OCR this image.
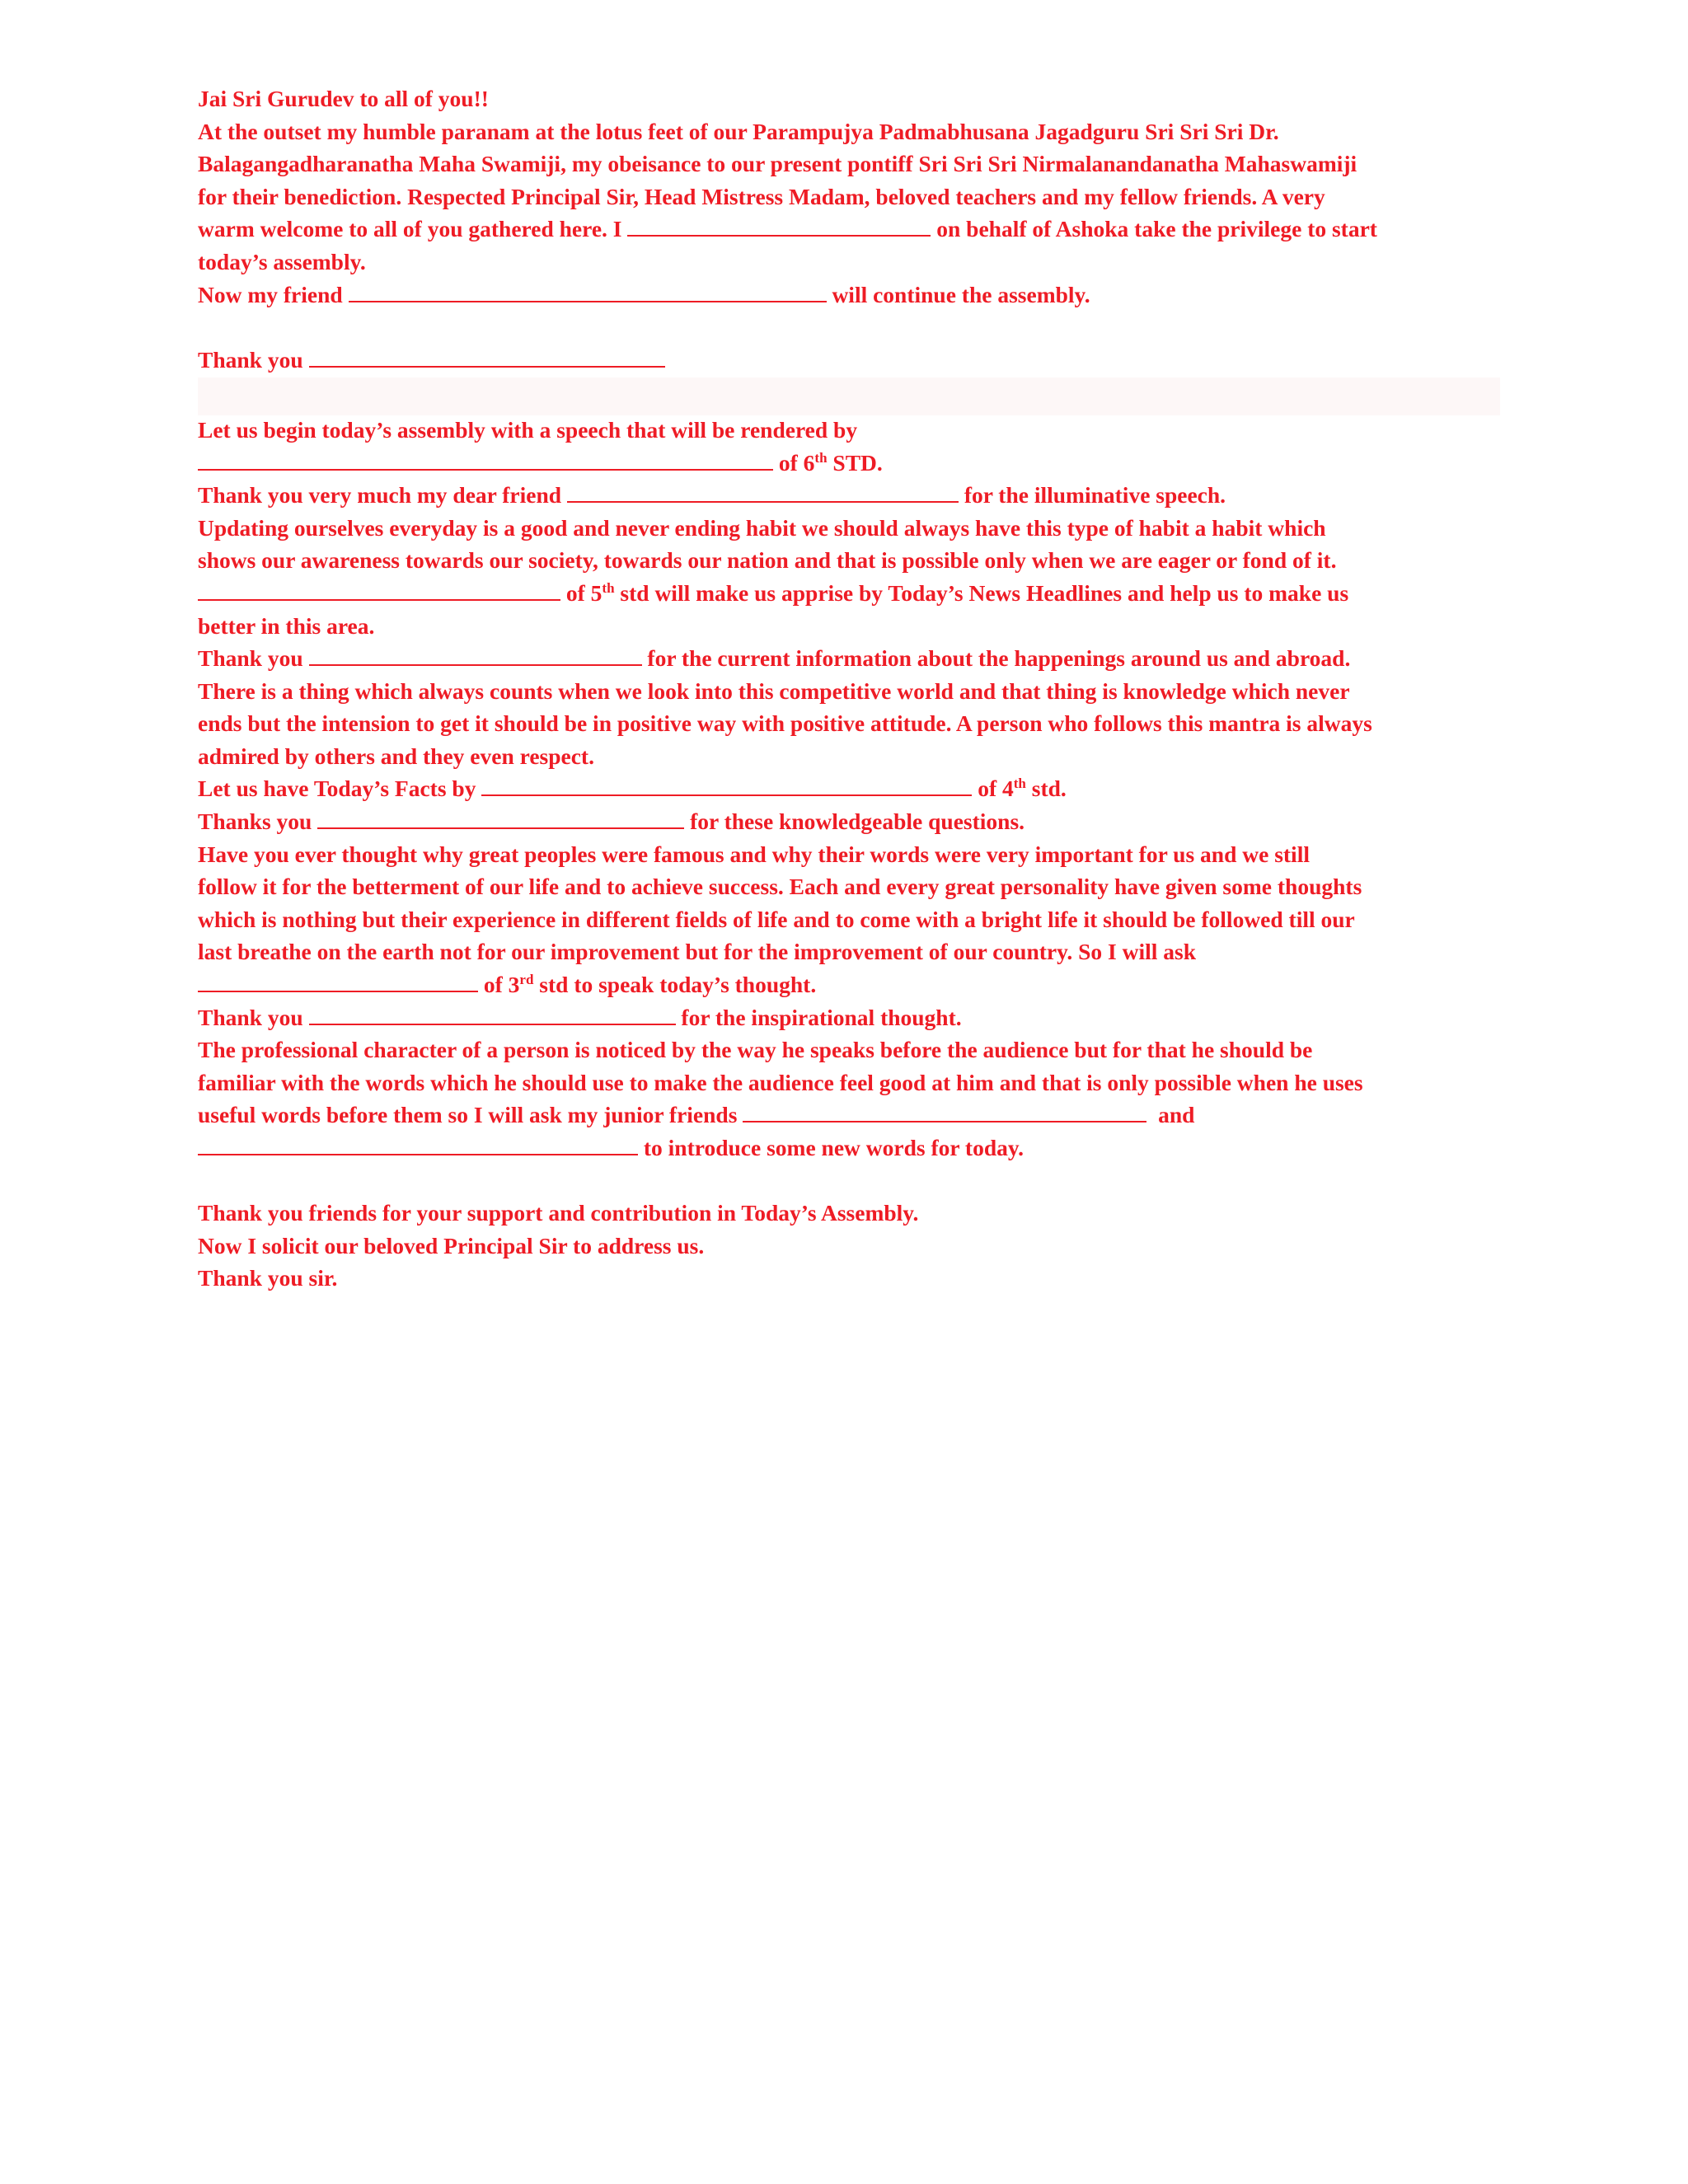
Jai Sri Gurudev to all of you!!
At the outset my humble paranam at the lotus feet of our Parampujya Padmabhusana Jagadguru Sri Sri Sri Dr.
Balagangadharanatha Maha Swamiji, my obeisance to our present pontiff Sri Sri Sri Nirmalanandanatha Mahaswamiji
for their benediction. Respected Principal Sir, Head Mistress Madam, beloved teachers and my fellow friends. A very
warm welcome to all of you gathered here. I	on behalf of Ashoka take the privilege to start
today’s assembly.
Now my friend	will continue the assembly.
Thank you
Let us begin today’s assembly with a speech that will be rendered by
of 6th STD.
Thank you very much my dear friend	for the illuminative speech.
Updating ourselves everyday is a good and never ending habit we should always have this type of habit a habit which
shows our awareness towards our society, towards our nation and that is possible only when we are eager or fond of it.
of 5th std will make us apprise by Today’s News Headlines and help us to make us
better in this area.
Thank you	for the current information about the happenings around us and abroad.
There is a thing which always counts when we look into this competitive world and that thing is knowledge which never
ends but the intension to get it should be in positive way with positive attitude. A person who follows this mantra is always
admired by others and they even respect.
Let us have Today’s Facts by	of 4th std.
Thanks you	for these knowledgeable questions.
Have you ever thought why great peoples were famous and why their words were very important for us and we still
follow it for the betterment of our life and to achieve success. Each and every great personality have given some thoughts
which is nothing but their experience in different fields of life and to come with a bright life it should be followed till our
last breathe on the earth not for our improvement but for the improvement of our country. So I will ask
of 3rd std to speak today’s thought.
Thank you	for the inspirational thought.
The professional character of a person is noticed by the way he speaks before the audience but for that he should be
familiar with the words which he should use to make the audience feel good at him and that is only possible when he uses
useful words before them so I will ask my junior friends	and
to introduce some new words for today.
Thank you friends for your support and contribution in Today’s Assembly.
Now I solicit our beloved Principal Sir to address us.
Thank you sir.
